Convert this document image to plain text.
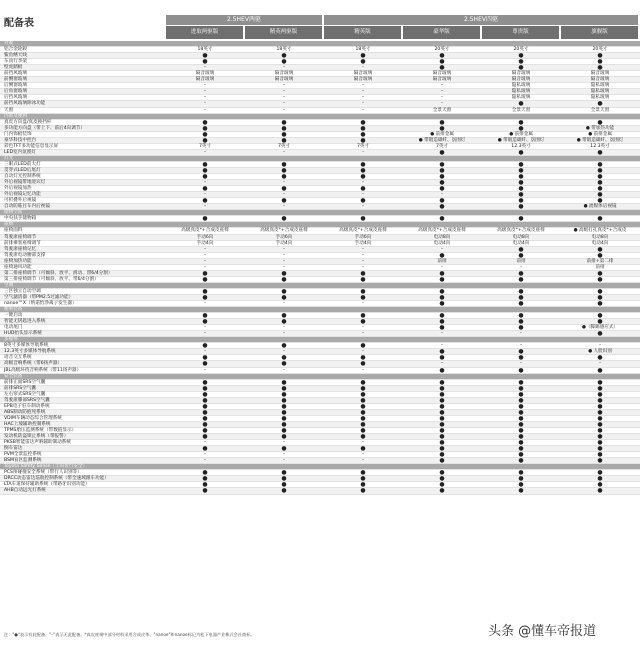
配备表	2.5HEV两驱	2.5HEV四驱
进取两驱版	精英两驱版	精英版	豪华版	尊贵版	旗舰版
外观
铝合金轮毂	18英寸	18英寸	18英寸	20英寸	20英寸	20英寸
鲨鱼鳍天线	●	●	●	●	●	●
车顶行李架	●	●	●	●	●	●
壁虎踏板	–	–	–	●	●	●
前挡风玻璃	隔音玻璃	隔音玻璃	隔音玻璃	隔音玻璃	隔音玻璃	隔音玻璃
前侧窗玻璃	隔音玻璃	隔音玻璃	隔音玻璃	隔音玻璃	隔音玻璃	隔音玻璃
后侧窗玻璃	–	–	–	–	隐私玻璃	隐私玻璃
后角窗玻璃	–	–	–	–	隐私玻璃	隐私玻璃
后挡风玻璃	–	–	–	–	隐私玻璃	隐私玻璃
前挡风玻璃除冰功能	–	–	–	–	●	●
天窗	–	–	–	全景天窗	全景天窗	全景天窗
内饰及便利
真皮方向盘/真皮换挡杆	●	●	●	●	●	●
多功能方向盘（带上下、前后4向调节）	●	●	●	●	●	● 带加热功能
门内饰板装饰	●	●	●	● 前排金属	● 前排金属	● 前排金属
豪华科技中控台	●	●	●	● 带锻造碳纤、氛围灯	● 带锻造碳纤、氛围灯	● 带锻造碳纤、氛围灯
彩色TFT多功能信息显示屏	7英寸	7英寸	7英寸	7英寸	12.3英寸	12.3英寸
LED室内氛围灯	–	–	–	●	●	●
灯光
三眼式LED前大灯	●	●	●	●	●	●
贯穿式LED后尾灯	●	●	●	●	●	●
自动灯光控制系统	●	●	●	●	●	●
外后视镜带地迎宾灯	–	–	–	●	●	●
外后视镜加热	●	●	●	●	●	●
外后视镜记忆功能	–	–	–	–	●	●
可折叠外后视镜	●	●	●	●	●	●
自动防眩目车内后视镜	–	–	–	●	●	● 流媒体后视镜
储物空间
中央扶手储物箱	●	●	●	●	●	●
座椅
座椅面料	高级真皮*+合成皮座椅	高级真皮*+合成皮座椅	高级真皮*+合成皮座椅	高级真皮*+合成皮座椅	高级真皮*+合成皮座椅	● 高级打孔真皮*+合成皮
驾驶席座椅调节	手动6向	手动6向	手动6向	电动8向	电动8向	电动8向
前排乘客座椅调节	手动4向	手动4向	手动4向	电动4向	电动4向	电动4向
驾驶席座椅记忆	–	–	–	–	●	●
驾驶席电动腰部支撑	–	–	–	●	●	●
座椅加热功能	–	–	–	前排	前排	前排+第二排
座椅通风功能	–	–	–	–	–	前排
第二排座椅调节（可倾斜、放平、滑动、带6/4分割）	●	●	●	●	●	●
第三排座椅调节（可倾斜、放平、带6/4分割）	●	●	●	●	●	●
空调
三区独立自动空调	●	●	●	●	●	●
空气滤清器（带PM2.5过滤功能）	●	●	●	●	●	●
nanoe™X（纳诺怡净离子发生器）	–	–	–	●	●	●
便利装备
一键启动	●	●	●	●	●	●
智能无钥匙进入系统	●	●	●	●	●	●
电动尾门	–	–	–	●	●	●（脚踢感应式）
HUD抬头显示系统	–	–	–	–	–	●
多媒体
8英寸多媒体导航系统	●	●	●	–	–	–
12.3英寸多媒体导航系统	–	–	–	●	●	● 人脸识别
语音交互系统	●	●	●	●	●	●
高级音响系统（带6扬声器）	●	●	●	–	–	–
JBL高级环绕音响系统（带11扬声器）	–	–	–	●	●	●
安全装备
前排正面SRS空气囊	●	●	●	●	●	●
前排SRS空气囊	●	●	●	●	●	●
左右帘式SRS空气囊	●	●	●	●	●	●
驾驶席膝部SRS空气囊	●	●	●	●	●	●
EPB电子驻车制动系统	●	●	●	●	●	●
ABS制动防抱死系统	●	●	●	●	●	●
VDIM车辆动态综合管理系统	●	●	●	●	●	●
HAC上坡辅助控制系统	●	●	●	●	●	●
TPMS胎压监测系统（带数值显示）	●	●	●	●	●	●
发动机防盗锁止系统（带报警）	●	●	●	●	●	●
PKSB智能雷达声呐辅助制动系统	–	–	–	●	●	●
倒车雷达	●	●	●	●	●	●
PVM全景监控系统	–	–	–	●	●	●
BSM盲区监测系统	–	–	–	●	●	●
Toyota Safety Sense（丰田智行安全）
PCS预碰撞安全系统（带行人识别等）	●	●	●	●	●	●
DRCC动态雷达巡航控制系统（带全速域跟车功能）	●	●	●	●	●	●
LTA车道保持辅助系统（带路牙识别功能）	●	●	●	●	●	●
AHB自动远光灯系统	●	●	●	●	●	●
注："●"表示有此配备、"–"表示无此配备。*真皮座椅中部分材料采用合成皮革。"nanoe"和nanoe标记为松下电器产业株式会社商标。	头条 @懂车帝报道
